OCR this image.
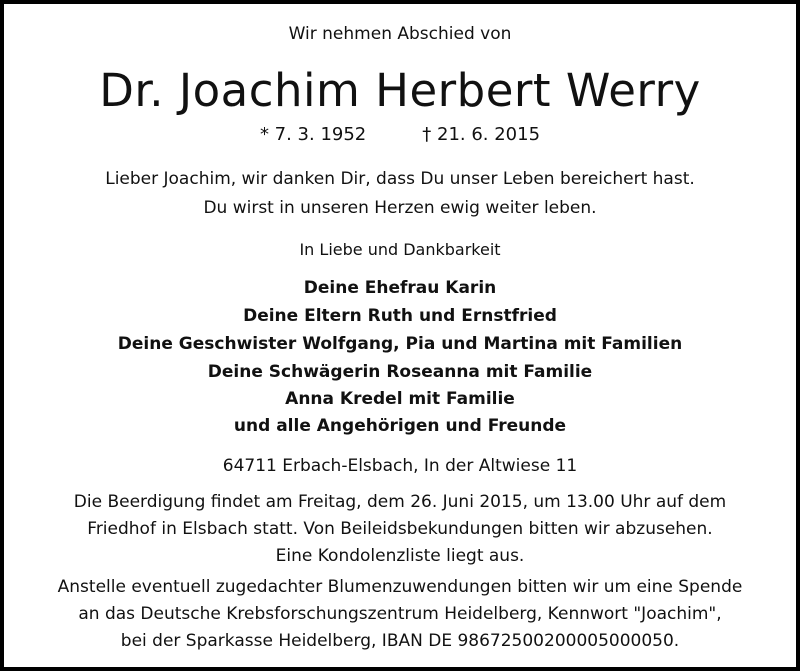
Wir nehmen Abschied von
Dr. Joachim Herbert Werry
* 7. 3. 1952	† 21. 6. 2015
Lieber Joachim, wir danken Dir, dass Du unser Leben bereichert hast.
Du wirst in unseren Herzen ewig weiter leben.
In Liebe und Dankbarkeit
Deine Ehefrau Karin
Deine Eltern Ruth und Ernstfried
Deine Geschwister Wolfgang, Pia und Martina mit Familien
Deine Schwägerin Roseanna mit Familie
Anna Kredel mit Familie
und alle Angehörigen und Freunde
64711 Erbach-Elsbach, In der Altwiese 11
Die Beerdigung findet am Freitag, dem 26. Juni 2015, um 13.00 Uhr auf dem
Friedhof in Elsbach statt. Von Beileidsbekundungen bitten wir abzusehen.
Eine Kondolenzliste liegt aus.
Anstelle eventuell zugedachter Blumenzuwendungen bitten wir um eine Spende
an das Deutsche Krebsforschungszentrum Heidelberg, Kennwort "Joachim",
bei der Sparkasse Heidelberg, IBAN DE 98672500200005000050.
